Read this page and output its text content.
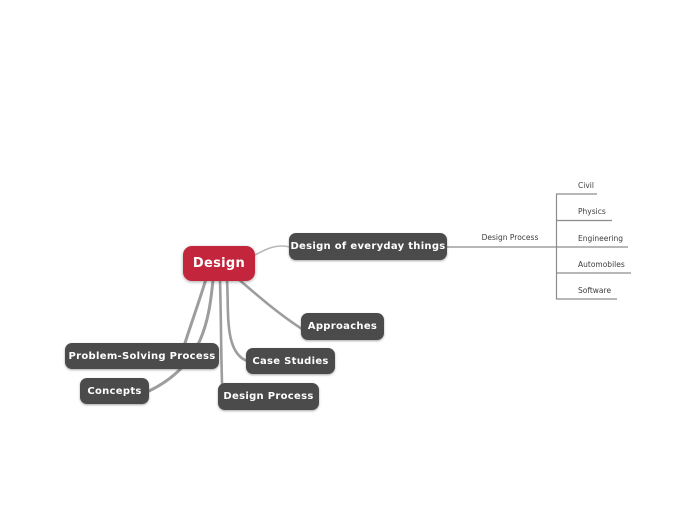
Design
Design of everyday things
Approaches
Case Studies
Design Process
Problem-Solving Process
Concepts
Design Process
Civil
Physics
Engineering
Automobiles
Software
